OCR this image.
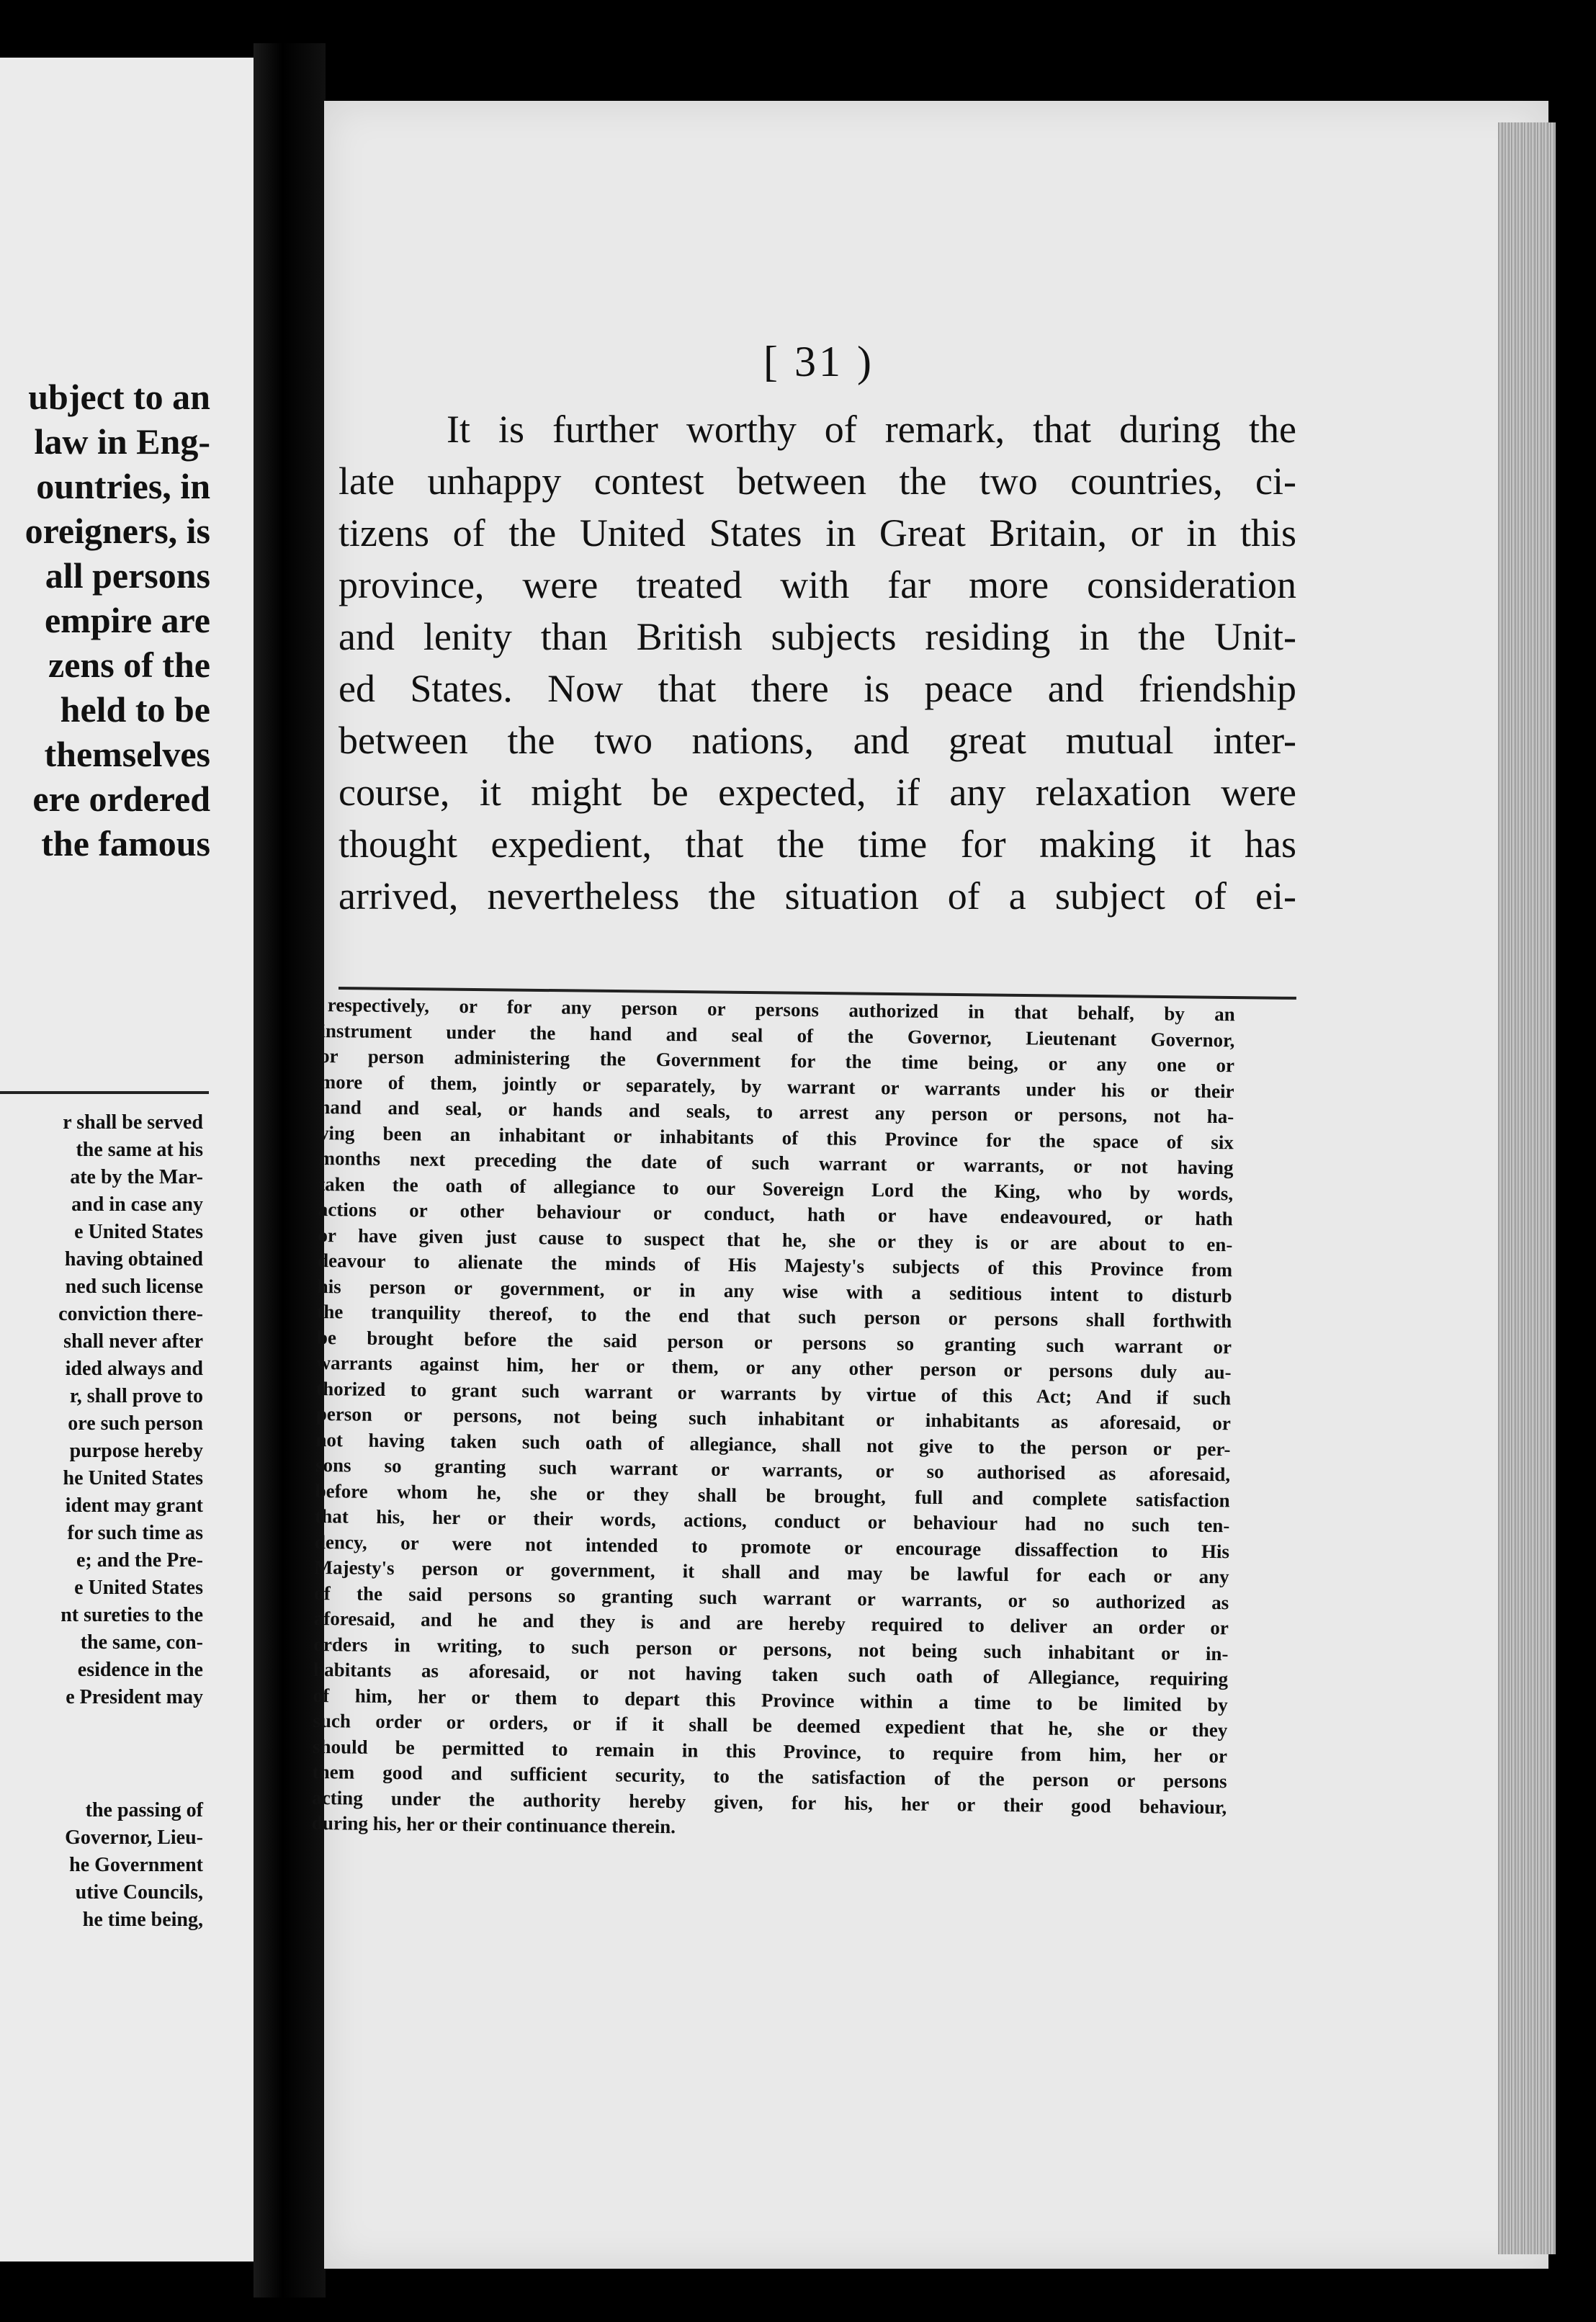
ubject to an
law in Eng-
ountries, in
oreigners, is
all persons
empire are
zens of the
held to be
themselves
ere ordered
the famous
r shall be served
the same at his
ate by the Mar-
and in case any
e United States
having obtained
ned such license
conviction there-
shall never after
ided always and
r, shall prove to
ore such person
purpose hereby
he United States
ident may grant
for such time as
e; and the Pre-
e United States
nt sureties to the
the same, con-
esidence in the
e President may
the passing of
Governor, Lieu-
he Government
utive Councils,
he time being,
[ 31 )
It is further worthy of remark, that during the
late unhappy contest between the two countries, ci-
tizens of the United States in Great Britain, or in this
province, were treated with far more consideration
and lenity than British subjects residing in the Unit-
ed States. Now that there is peace and friendship
between the two nations, and great mutual inter-
course, it might be expected, if any relaxation were
thought expedient, that the time for making it has
arrived, nevertheless the situation of a subject of ei-
respectively, or for any person or persons authorized in that behalf, by an
instrument under the hand and seal of the Governor, Lieutenant Governor,
or person administering the Government for the time being, or any one or
more of them, jointly or separately, by warrant or warrants under his or their
hand and seal, or hands and seals, to arrest any person or persons, not ha-
ving been an inhabitant or inhabitants of this Province for the space of six
months next preceding the date of such warrant or warrants, or not having
taken the oath of allegiance to our Sovereign Lord the King, who by words,
actions or other behaviour or conduct, hath or have endeavoured, or hath
or have given just cause to suspect that he, she or they is or are about to en-
deavour to alienate the minds of His Majesty's subjects of this Province from
his person or government, or in any wise with a seditious intent to disturb
the tranquility thereof, to the end that such person or persons shall forthwith
be brought before the said person or persons so granting such warrant or
warrants against him, her or them, or any other person or persons duly au-
thorized to grant such warrant or warrants by virtue of this Act; And if such
person or persons, not being such inhabitant or inhabitants as aforesaid, or
not having taken such oath of allegiance, shall not give to the person or per-
sons so granting such warrant or warrants, or so authorised as aforesaid,
before whom he, she or they shall be brought, full and complete satisfaction
that his, her or their words, actions, conduct or behaviour had no such ten-
dency, or were not intended to promote or encourage dissaffection to His
Majesty's person or government, it shall and may be lawful for each or any
of the said persons so granting such warrant or warrants, or so authorized as
aforesaid, and he and they is and are hereby required to deliver an order or
orders in writing, to such person or persons, not being such inhabitant or in-
habitants as aforesaid, or not having taken such oath of Allegiance, requiring
of him, her or them to depart this Province within a time to be limited by
such order or orders, or if it shall be deemed expedient that he, she or they
should be permitted to remain in this Province, to require from him, her or
them good and sufficient security, to the satisfaction of the person or persons
acting under the authority hereby given, for his, her or their good behaviour,
during his, her or their continuance therein.
